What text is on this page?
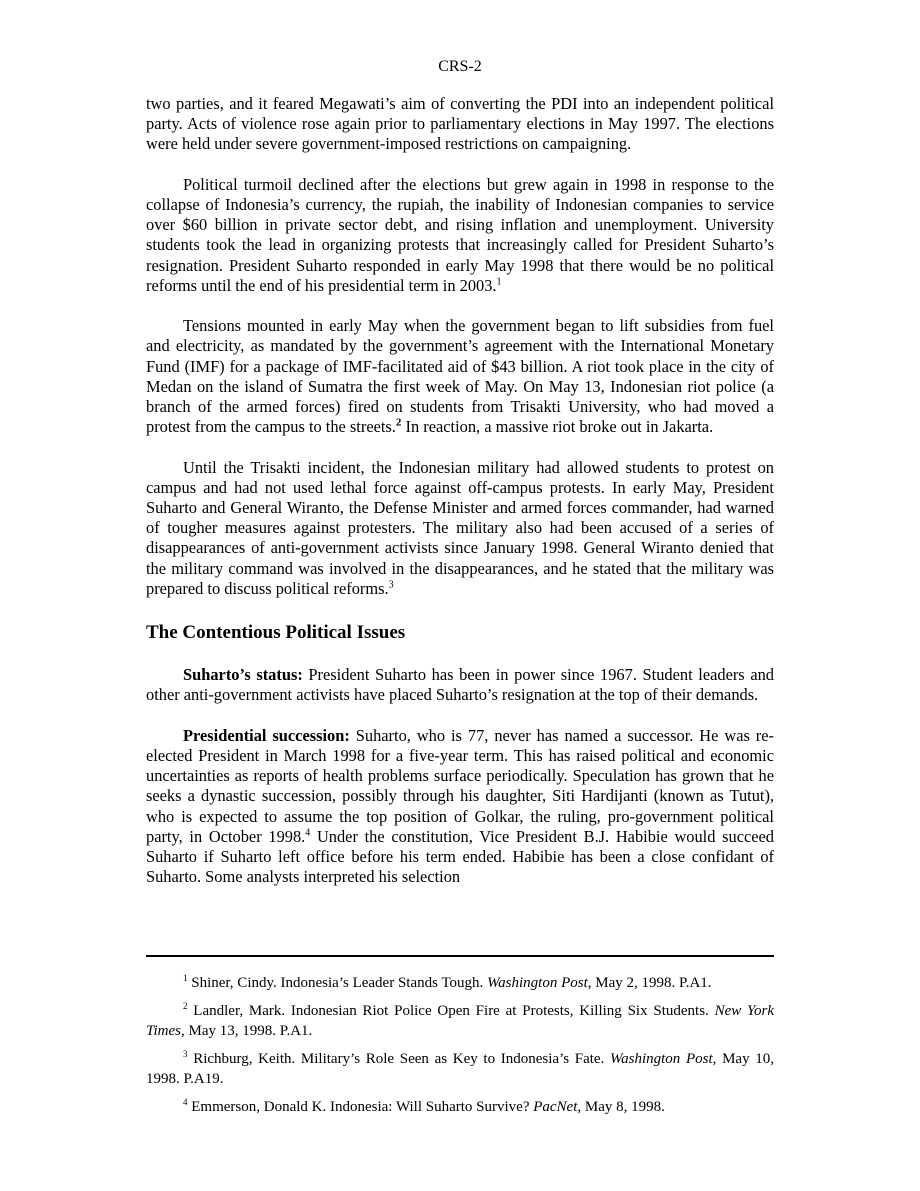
CRS-2

two parties, and it feared Megawati’s aim of converting the PDI into an independent political party. Acts of violence rose again prior to parliamentary elections in May 1997. The elections were held under severe government-imposed restrictions on campaigning.

Political turmoil declined after the elections but grew again in 1998 in response to the collapse of Indonesia’s currency, the rupiah, the inability of Indonesian companies to service over $60 billion in private sector debt, and rising inflation and unemployment. University students took the lead in organizing protests that increasingly called for President Suharto’s resignation. President Suharto responded in early May 1998 that there would be no political reforms until the end of his presidential term in 2003.$^1$

Tensions mounted in early May when the government began to lift subsidies from fuel and electricity, as mandated by the government’s agreement with the International Monetary Fund (IMF) for a package of IMF-facilitated aid of $43 billion. A riot took place in the city of Medan on the island of Sumatra the first week of May. On May 13, Indonesian riot police (a branch of the armed forces) fired on students from Trisakti University, who had moved a protest from the campus to the streets.$^2$ In reaction, a massive riot broke out in Jakarta.

Until the Trisakti incident, the Indonesian military had allowed students to protest on campus and had not used lethal force against off-campus protests. In early May, President Suharto and General Wiranto, the Defense Minister and armed forces commander, had warned of tougher measures against protesters. The military also had been accused of a series of disappearances of anti-government activists since January 1998. General Wiranto denied that the military command was involved in the disappearances, and he stated that the military was prepared to discuss political reforms.$^3$

The Contentious Political Issues

Suharto’s status: President Suharto has been in power since 1967. Student leaders and other anti-government activists have placed Suharto’s resignation at the top of their demands.

Presidential succession: Suharto, who is 77, never has named a successor. He was re-elected President in March 1998 for a five-year term. This has raised political and economic uncertainties as reports of health problems surface periodically. Speculation has grown that he seeks a dynastic succession, possibly through his daughter, Siti Hardijanti (known as Tutut), who is expected to assume the top position of Golkar, the ruling, pro-government political party, in October 1998.$^4$ Under the constitution, Vice President B.J. Habibie would succeed Suharto if Suharto left office before his term ended. Habibie has been a close confidant of Suharto. Some analysts interpreted his selection

$^1$ Shiner, Cindy. Indonesia’s Leader Stands Tough. Washington Post, May 2, 1998. P.A1.

$^2$ Landler, Mark. Indonesian Riot Police Open Fire at Protests, Killing Six Students. New York Times, May 13, 1998. P.A1.

$^3$ Richburg, Keith. Military’s Role Seen as Key to Indonesia’s Fate. Washington Post, May 10, 1998. P.A19.

$^4$ Emmerson, Donald K. Indonesia: Will Suharto Survive? PacNet, May 8, 1998.
